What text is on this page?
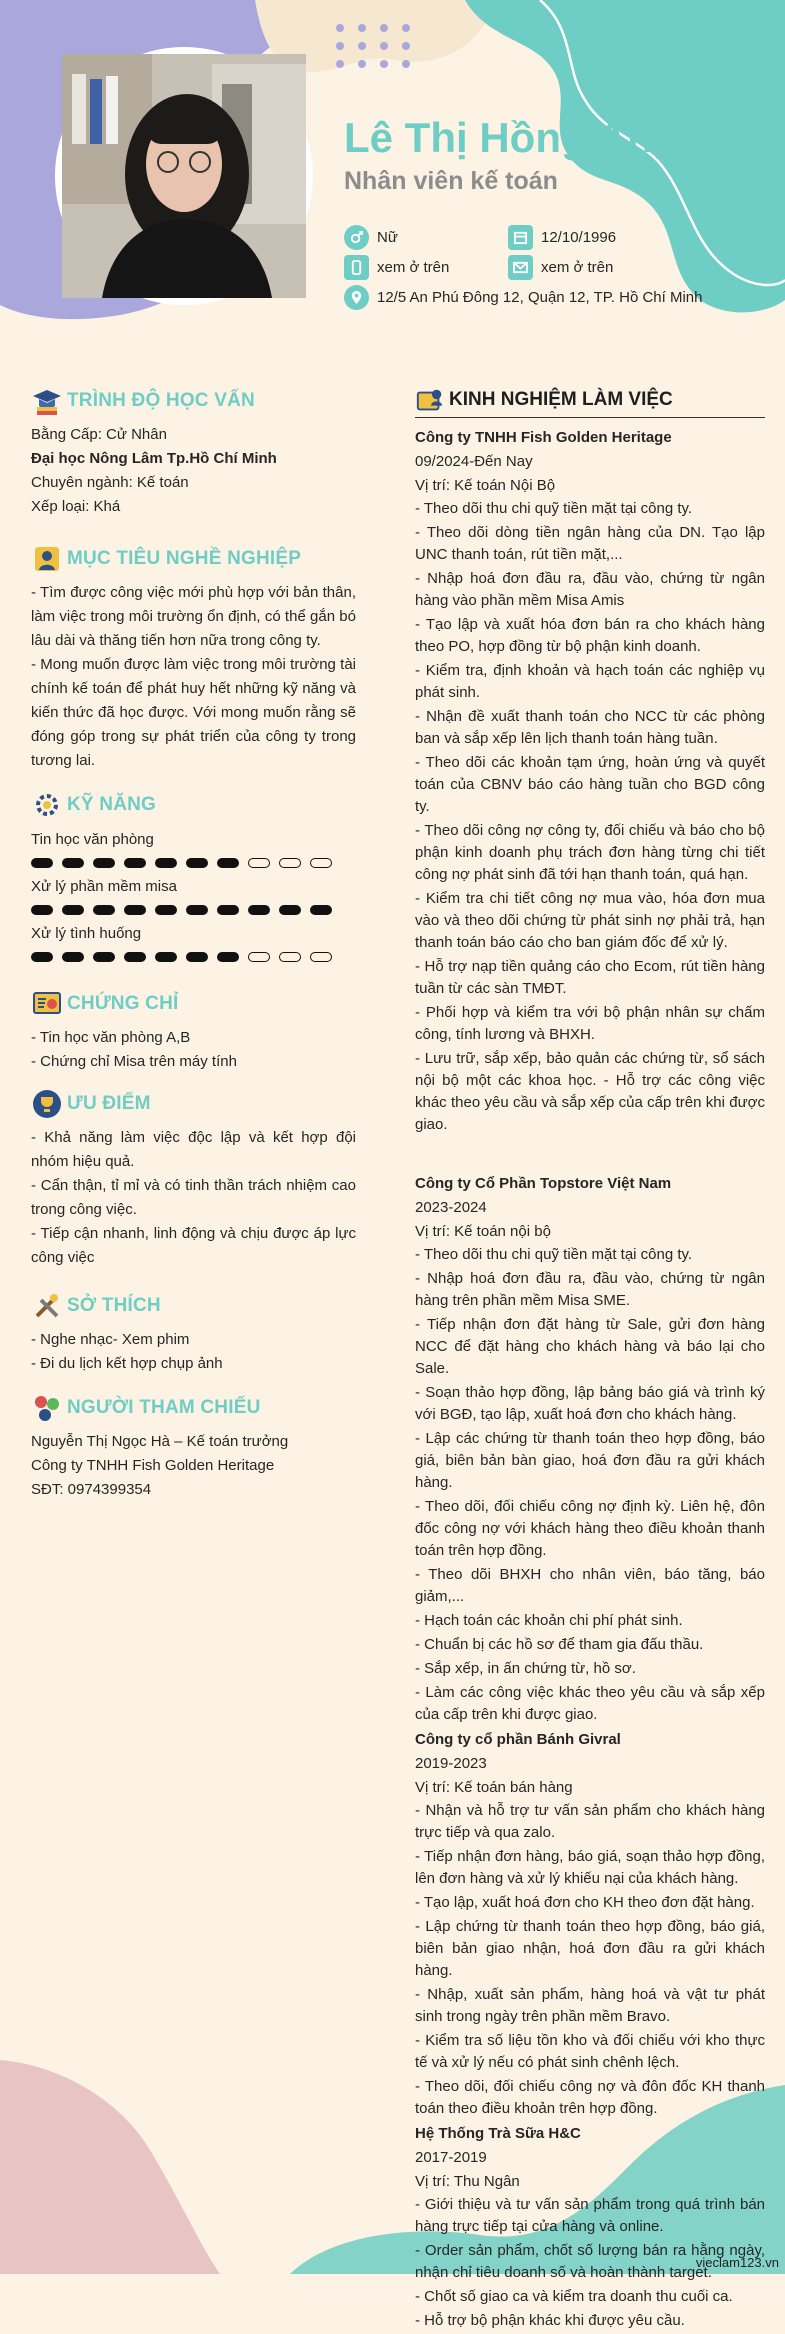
Lê Thị Hồng Anh
Nhân viên kế toán
Nữ	12/10/1996
xem ở trên	xem ở trên
12/5 An Phú Đông 12, Quận 12, TP. Hồ Chí Minh
TRÌNH ĐỘ HỌC VẤN
Bằng Cấp: Cử Nhân
Đại học Nông Lâm Tp.Hồ Chí Minh
Chuyên ngành: Kế toán
Xếp loại: Khá
MỤC TIÊU NGHỀ NGHIỆP
- Tìm được công việc mới phù hợp với bản thân, làm việc trong môi trường ổn định, có thể gắn bó lâu dài và thăng tiến hơn nữa trong công ty.
- Mong muốn được làm việc trong môi trường tài chính kế toán để phát huy hết những kỹ năng và kiến thức đã học được. Với mong muốn rằng sẽ đóng góp trong sự phát triển của công ty trong tương lai.
KỸ NĂNG
Tin học văn phòng
Xử lý phần mềm misa
Xử lý tình huống
CHỨNG CHỈ
- Tin học văn phòng A,B
- Chứng chỉ Misa trên máy tính
ƯU ĐIỂM
- Khả năng làm việc độc lập và kết hợp đội nhóm hiệu quả.
- Cẩn thận, tỉ mỉ và có tinh thần trách nhiệm cao trong công việc.
- Tiếp cận nhanh, linh động và chịu được áp lực công việc
SỞ THÍCH
- Nghe nhạc- Xem phim
- Đi du lịch kết hợp chụp ảnh
NGƯỜI THAM CHIẾU
Nguyễn Thị Ngọc Hà – Kế toán trưởng
Công ty TNHH Fish Golden Heritage
SĐT: 0974399354
KINH NGHIỆM LÀM VIỆC
Công ty TNHH Fish Golden Heritage
09/2024-Đến Nay
Vị trí: Kế toán Nội Bộ
- Theo dõi thu chi quỹ tiền mặt tại công ty.
- Theo dõi dòng tiền ngân hàng của DN. Tạo lập UNC thanh toán, rút tiền mặt,...
- Nhập hoá đơn đầu ra, đầu vào, chứng từ ngân hàng vào phần mềm Misa Amis
- Tạo lập và xuất hóa đơn bán ra cho khách hàng theo PO, hợp đồng từ bộ phận kinh doanh.
- Kiểm tra, định khoản và hạch toán các nghiệp vụ phát sinh.
- Nhận đề xuất thanh toán cho NCC từ các phòng ban và sắp xếp lên lịch thanh toán hàng tuần.
- Theo dõi các khoản tạm ứng, hoàn ứng và quyết toán của CBNV báo cáo hàng tuần cho BGD công ty.
- Theo dõi công nợ công ty, đối chiếu và báo cho bộ phận kinh doanh phụ trách đơn hàng từng chi tiết công nợ phát sinh đã tới hạn thanh toán, quá hạn.
- Kiểm tra chi tiết công nợ mua vào, hóa đơn mua vào và theo dõi chứng từ phát sinh nợ phải trả, hạn thanh toán báo cáo cho ban giám đốc để xử lý.
- Hỗ trợ nạp tiền quảng cáo cho Ecom, rút tiền hàng tuần từ các sàn TMĐT.
- Phối hợp và kiểm tra với bộ phận nhân sự chấm công, tính lương và BHXH.
- Lưu trữ, sắp xếp, bảo quản các chứng từ, sổ sách nội bộ một các khoa học. - Hỗ trợ các công việc khác theo yêu cầu và sắp xếp của cấp trên khi được giao.
Công ty Cổ Phần Topstore Việt Nam
2023-2024
Vị trí: Kế toán nội bộ
- Theo dõi thu chi quỹ tiền mặt tại công ty.
- Nhập hoá đơn đầu ra, đầu vào, chứng từ ngân hàng trên phần mềm Misa SME.
- Tiếp nhận đơn đặt hàng từ Sale, gửi đơn hàng NCC để đặt hàng cho khách hàng và báo lại cho Sale.
- Soạn thảo hợp đồng, lập bảng báo giá và trình ký với BGĐ, tạo lập, xuất hoá đơn cho khách hàng.
- Lập các chứng từ thanh toán theo hợp đồng, báo giá, biên bản bàn giao, hoá đơn đầu ra gửi khách hàng.
- Theo dõi, đối chiếu công nợ định kỳ. Liên hệ, đôn đốc công nợ với khách hàng theo điều khoản thanh toán trên hợp đồng.
- Theo dõi BHXH cho nhân viên, báo tăng, báo giảm,...
- Hạch toán các khoản chi phí phát sinh.
- Chuẩn bị các hồ sơ để tham gia đấu thầu.
- Sắp xếp, in ấn chứng từ, hồ sơ.
- Làm các công việc khác theo yêu cầu và sắp xếp của cấp trên khi được giao.
Công ty cổ phần Bánh Givral
2019-2023
Vị trí: Kế toán bán hàng
- Nhận và hỗ trợ tư vấn sản phẩm cho khách hàng trực tiếp và qua zalo.
- Tiếp nhận đơn hàng, báo giá, soạn thảo hợp đồng, lên đơn hàng và xử lý khiếu nại của khách hàng.
- Tạo lập, xuất hoá đơn cho KH theo đơn đặt hàng.
- Lập chứng từ thanh toán theo hợp đồng, báo giá, biên bản giao nhận, hoá đơn đầu ra gửi khách hàng.
- Nhập, xuất sản phẩm, hàng hoá và vật tư phát sinh trong ngày trên phần mềm Bravo.
- Kiểm tra số liệu tồn kho và đối chiếu với kho thực tế và xử lý nếu có phát sinh chênh lệch.
- Theo dõi, đối chiếu công nợ và đôn đốc KH thanh toán theo điều khoản trên hợp đồng.
Hệ Thống Trà Sữa H&C
2017-2019
Vị trí: Thu Ngân
- Giới thiệu và tư vấn sản phẩm trong quá trình bán hàng trực tiếp tại cửa hàng và online.
- Order sản phẩm, chốt số lượng bán ra hằng ngày, nhận chỉ tiêu doanh số và hoàn thành target.
- Chốt số giao ca và kiểm tra doanh thu cuối ca.
- Hỗ trợ bộ phận khác khi được yêu cầu.
vieclam123.vn
